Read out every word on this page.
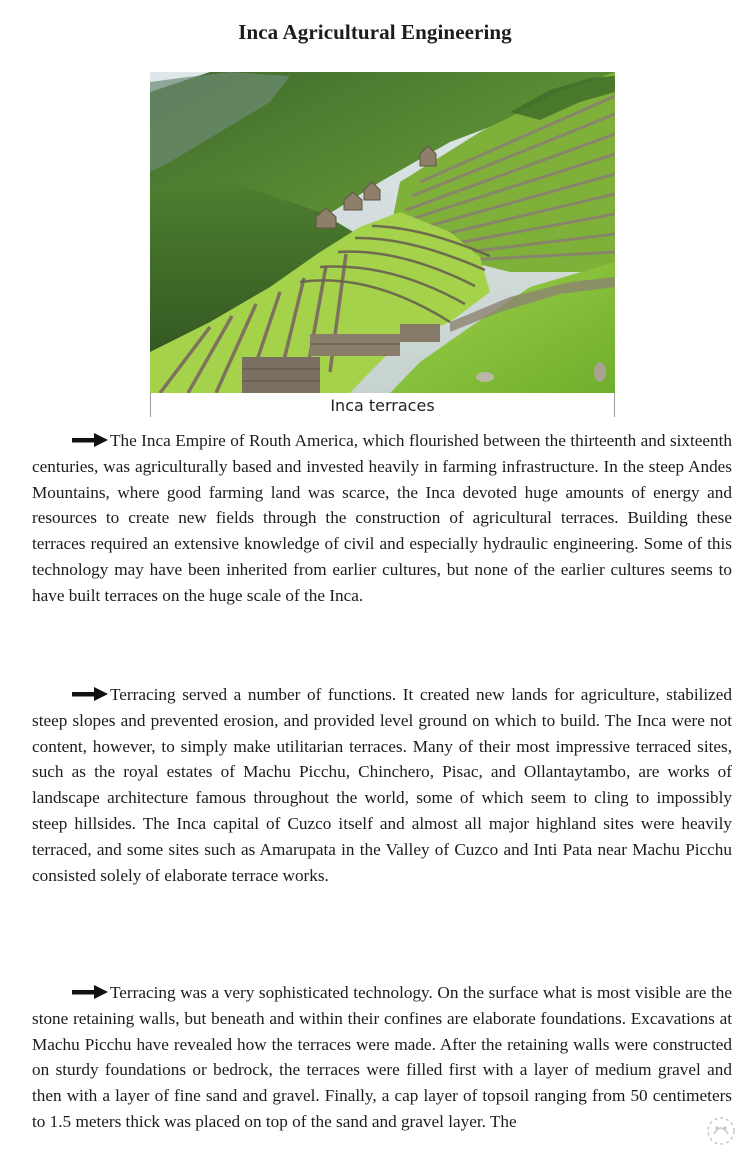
Inca Agricultural Engineering
Inca terraces
The Inca Empire of Routh America, which flourished between the thirteenth and sixteenth centuries, was agriculturally based and invested heavily in farming infrastructure. In the steep Andes Mountains, where good farming land was scarce, the Inca devoted huge amounts of energy and resources to create new fields through the construction of agricultural terraces. Building these terraces required an extensive knowledge of civil and especially hydraulic engineering. Some of this technology may have been inherited from earlier cultures, but none of the earlier cultures seems to have built terraces on the huge scale of the Inca.
Terracing served a number of functions. It created new lands for agriculture, stabilized steep slopes and prevented erosion, and provided level ground on which to build. The Inca were not content, however, to simply make utilitarian terraces. Many of their most impressive terraced sites, such as the royal estates of Machu Picchu, Chinchero, Pisac, and Ollantaytambo, are works of landscape architecture famous throughout the world, some of which seem to cling to impossibly steep hillsides. The Inca capital of Cuzco itself and almost all major highland sites were heavily terraced, and some sites such as Amarupata in the Valley of Cuzco and Inti Pata near Machu Picchu consisted solely of elaborate terrace works.
Terracing was a very sophisticated technology. On the surface what is most visible are the stone retaining walls, but beneath and within their confines are elaborate foundations. Excavations at Machu Picchu have revealed how the terraces were made. After the retaining walls were constructed on sturdy foundations or bedrock, the terraces were filled first with a layer of medium gravel and then with a layer of fine sand and gravel. Finally, a cap layer of topsoil ranging from 50 centimeters to 1.5 meters thick was placed on top of the sand and gravel layer. The
